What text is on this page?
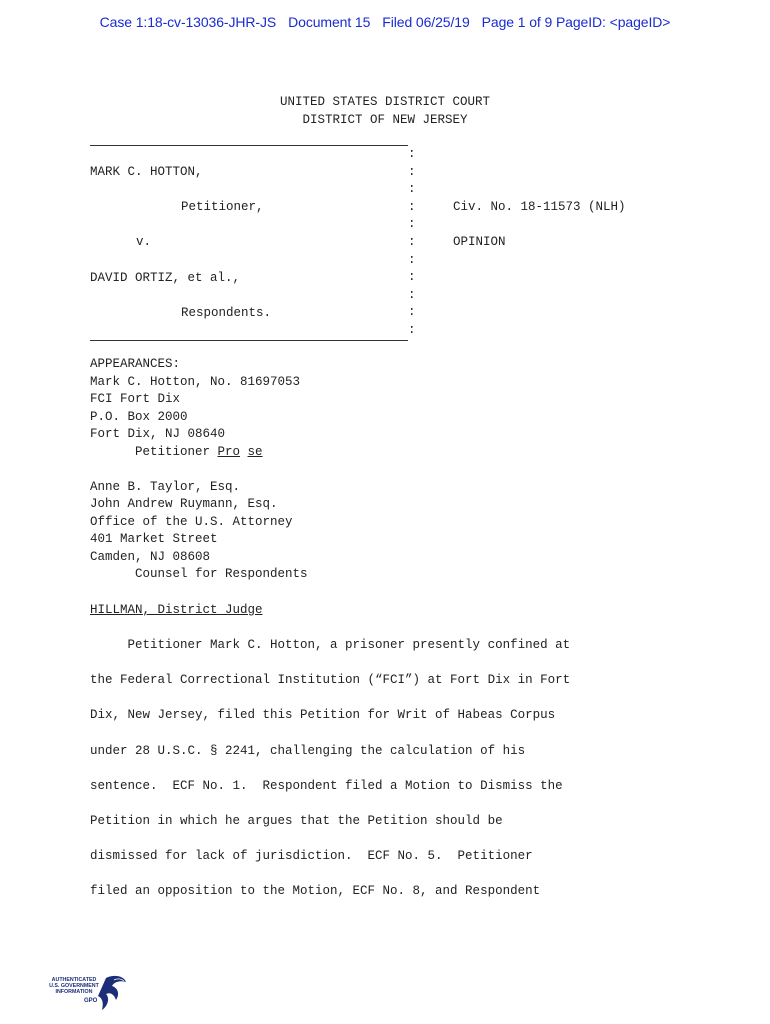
Case 1:18-cv-13036-JHR-JS Document 15 Filed 06/25/19 Page 1 of 9 PageID: <pageID>
UNITED STATES DISTRICT COURT
DISTRICT OF NEW JERSEY
:
:
:
:
:
:
:
:
:
:
:
MARK C. HOTTON,
Petitioner,
v.
DAVID ORTIZ, et al.,
Respondents.
Civ. No. 18-11573 (NLH)
OPINION
APPEARANCES:
Mark C. Hotton, No. 81697053
FCI Fort Dix
P.O. Box 2000
Fort Dix, NJ 08640
Petitioner Pro se
Anne B. Taylor, Esq.
John Andrew Ruymann, Esq.
Office of the U.S. Attorney
401 Market Street
Camden, NJ 08608
Counsel for Respondents
HILLMAN, District Judge
Petitioner Mark C. Hotton, a prisoner presently confined at
the Federal Correctional Institution (“FCI”) at Fort Dix in Fort
Dix, New Jersey, filed this Petition for Writ of Habeas Corpus
under 28 U.S.C. § 2241, challenging the calculation of his
sentence.  ECF No. 1.  Respondent filed a Motion to Dismiss the
Petition in which he argues that the Petition should be
dismissed for lack of jurisdiction.  ECF No. 5.  Petitioner
filed an opposition to the Motion, ECF No. 8, and Respondent
AUTHENTICATED
U.S. GOVERNMENT
INFORMATION
GPO
